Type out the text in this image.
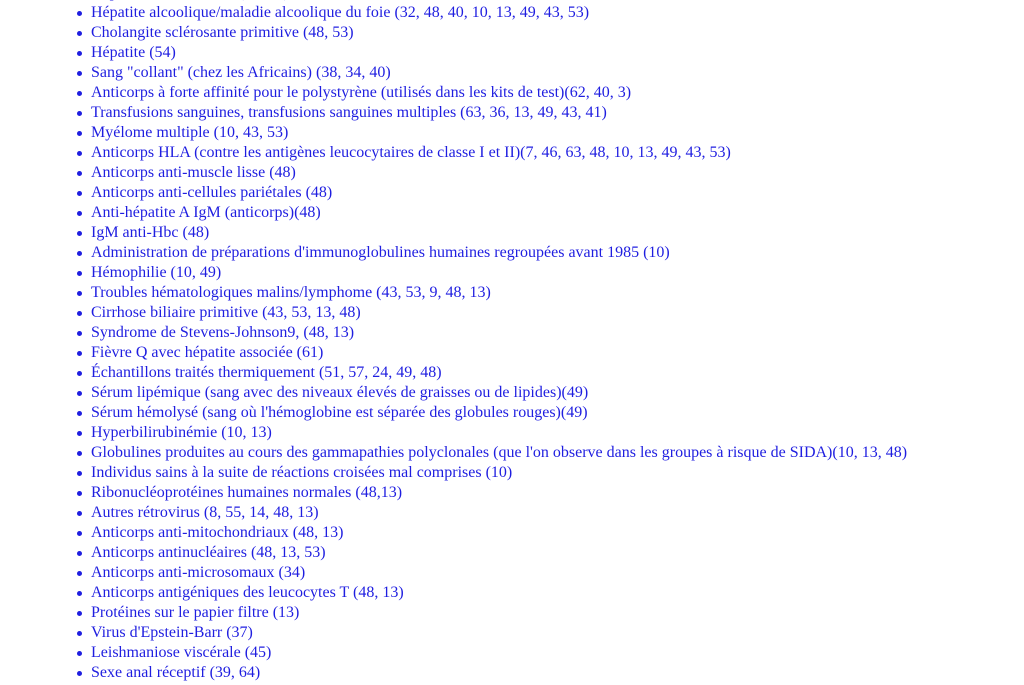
Hépatite alcoolique/maladie alcoolique du foie (32, 48, 40, 10, 13, 49, 43, 53)
Cholangite sclérosante primitive (48, 53)
Hépatite (54)
Sang "collant" (chez les Africains) (38, 34, 40)
Anticorps à forte affinité pour le polystyrène (utilisés dans les kits de test)(62, 40, 3)
Transfusions sanguines, transfusions sanguines multiples (63, 36, 13, 49, 43, 41)
Myélome multiple (10, 43, 53)
Anticorps HLA (contre les antigènes leucocytaires de classe I et II)(7, 46, 63, 48, 10, 13, 49, 43, 53)
Anticorps anti-muscle lisse (48)
Anticorps anti-cellules pariétales (48)
Anti-hépatite A IgM (anticorps)(48)
IgM anti-Hbc (48)
Administration de préparations d'immunoglobulines humaines regroupées avant 1985 (10)
Hémophilie (10, 49)
Troubles hématologiques malins/lymphome (43, 53, 9, 48, 13)
Cirrhose biliaire primitive (43, 53, 13, 48)
Syndrome de Stevens-Johnson9, (48, 13)
Fièvre Q avec hépatite associée (61)
Échantillons traités thermiquement (51, 57, 24, 49, 48)
Sérum lipémique (sang avec des niveaux élevés de graisses ou de lipides)(49)
Sérum hémolysé (sang où l'hémoglobine est séparée des globules rouges)(49)
Hyperbilirubinémie (10, 13)
Globulines produites au cours des gammapathies polyclonales (que l'on observe dans les groupes à risque de SIDA)(10, 13, 48)
Individus sains à la suite de réactions croisées mal comprises (10)
Ribonucléoprotéines humaines normales (48,13)
Autres rétrovirus (8, 55, 14, 48, 13)
Anticorps anti-mitochondriaux (48, 13)
Anticorps antinucléaires (48, 13, 53)
Anticorps anti-microsomaux (34)
Anticorps antigéniques des leucocytes T (48, 13)
Protéines sur le papier filtre (13)
Virus d'Epstein-Barr (37)
Leishmaniose viscérale (45)
Sexe anal réceptif (39, 64)
